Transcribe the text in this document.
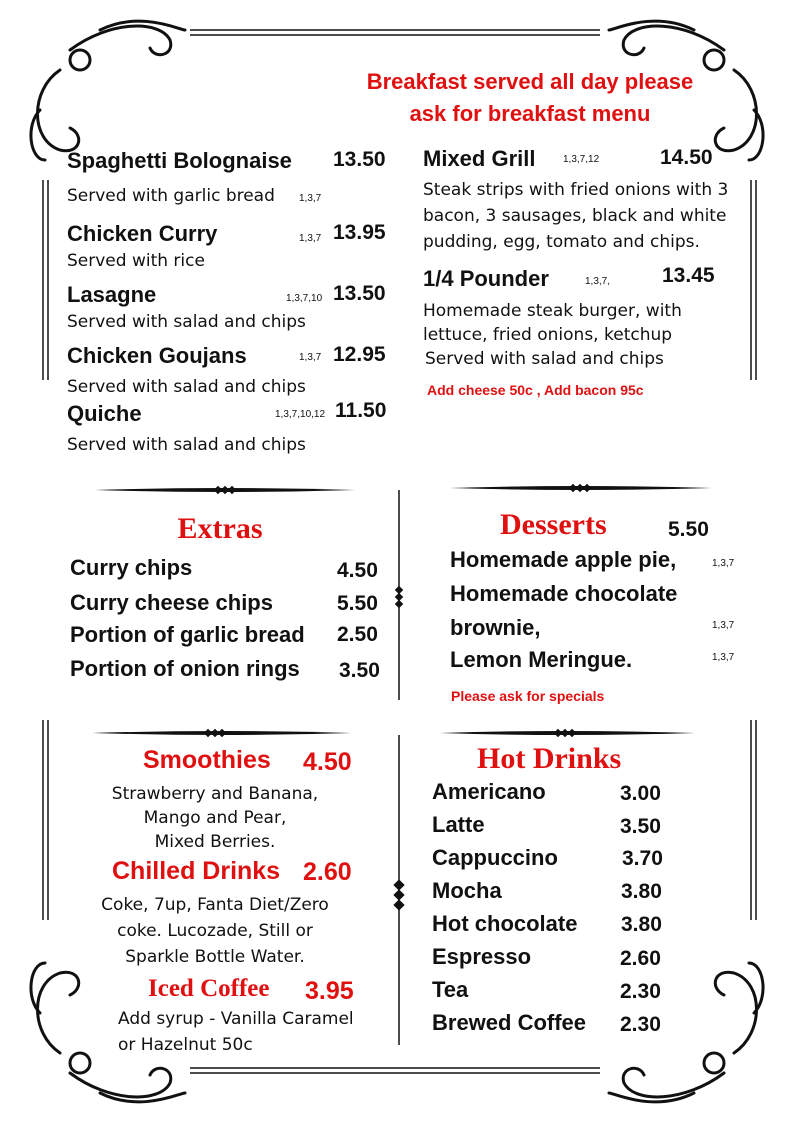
Breakfast served all day please
ask for breakfast menu
Spaghetti Bolognaise 13.50
Served with garlic bread 1,3,7
Chicken Curry	1,3,7 13.95
Served with rice
Lasagne	1,3,7,10 13.50
Served with salad and chips
Chicken Goujans	1,3,7 12.95
Served with salad and chips
Quiche	1,3,7,10,12 11.50
Served with salad and chips
Mixed Grill	1,3,7,12	14.50
Steak strips with fried onions with 3
bacon, 3 sausages, black and white
pudding, egg, tomato and chips.
1/4 Pounder	1,3,7, 13.45
Homemade steak burger, with
lettuce, fried onions, ketchup
Served with salad and chips
Add cheese 50c , Add bacon 95c
Extras
Curry chips	4.50
Curry cheese chips	5.50
Portion of garlic bread 2.50
Portion of onion rings 3.50
Desserts	5.50
Homemade apple pie,	1,3,7
Homemade chocolate
brownie,	1,3,7
Lemon Meringue.	1,3,7
Please ask for specials
Smoothies 4.50
Strawberry and Banana,
Mango and Pear,
Mixed Berries.
Chilled Drinks 2.60
Coke, 7up, Fanta Diet/Zero
coke. Lucozade, Still or
Sparkle Bottle Water.
Iced Coffee 3.95
Add syrup - Vanilla Caramel
or Hazelnut 50c
Hot Drinks
Americano	3.00
Latte	3.50
Cappuccino	3.70
Mocha	3.80
Hot chocolate 3.80
Espresso	2.60
Tea	2.30
Brewed Coffee 2.30
